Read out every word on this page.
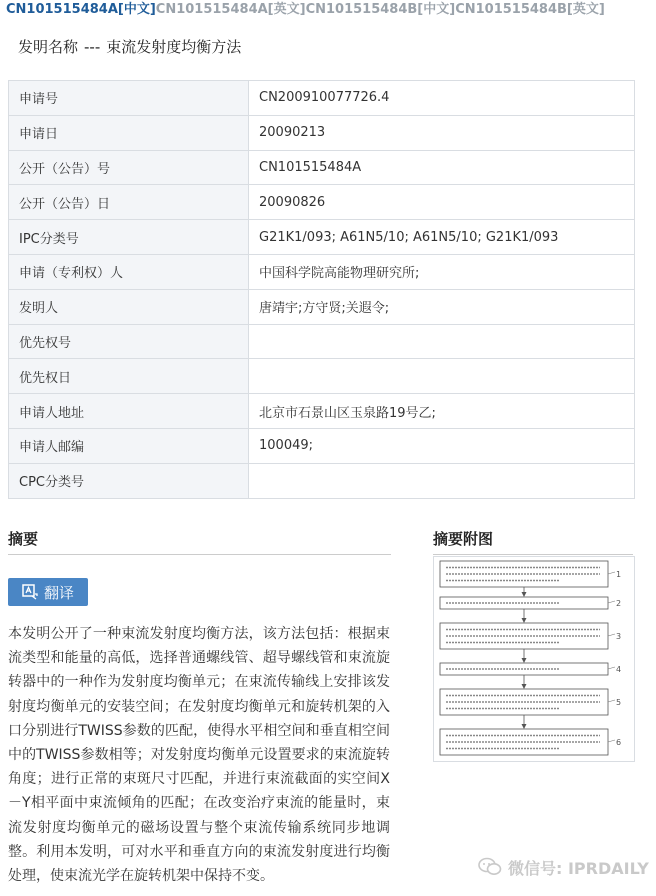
CN101515484A[中文]CN101515484A[英文]CN101515484B[中文]CN101515484B[英文]
发明名称 --- 束流发射度均衡方法
申请号	CN200910077726.4
申请日	20090213
公开（公告）号	CN101515484A
公开（公告）日	20090826
IPC分类号	G21K1/093; A61N5/10; A61N5/10; G21K1/093
申请（专利权）人	中国科学院高能物理研究所;
发明人	唐靖宇;方守贤;关遐令;
优先权号	
优先权日	
申请人地址	北京市石景山区玉泉路19号乙;
申请人邮编	100049;
CPC分类号	
摘要	摘要附图
翻译
本发明公开了一种束流发射度均衡方法，该方法包括：根据束流类型和能量的高低，选择普通螺线管、超导螺线管和束流旋转器中的一种作为发射度均衡单元；在束流传输线上安排该发射度均衡单元的安装空间；在发射度均衡单元和旋转机架的入口分别进行TWISS参数的匹配，使得水平相空间和垂直相空间中的TWISS参数相等；对发射度均衡单元设置要求的束流旋转角度；进行正常的束斑尺寸匹配，并进行束流截面的实空间X－Y相平面中束流倾角的匹配；在改变治疗束流的能量时，束流发射度均衡单元的磁场设置与整个束流传输系统同步地调整。利用本发明，可对水平和垂直方向的束流发射度进行均衡处理，使束流光学在旋转机架中保持不变。
1
2
3
4
5
6
微信号: IPRDAILY
